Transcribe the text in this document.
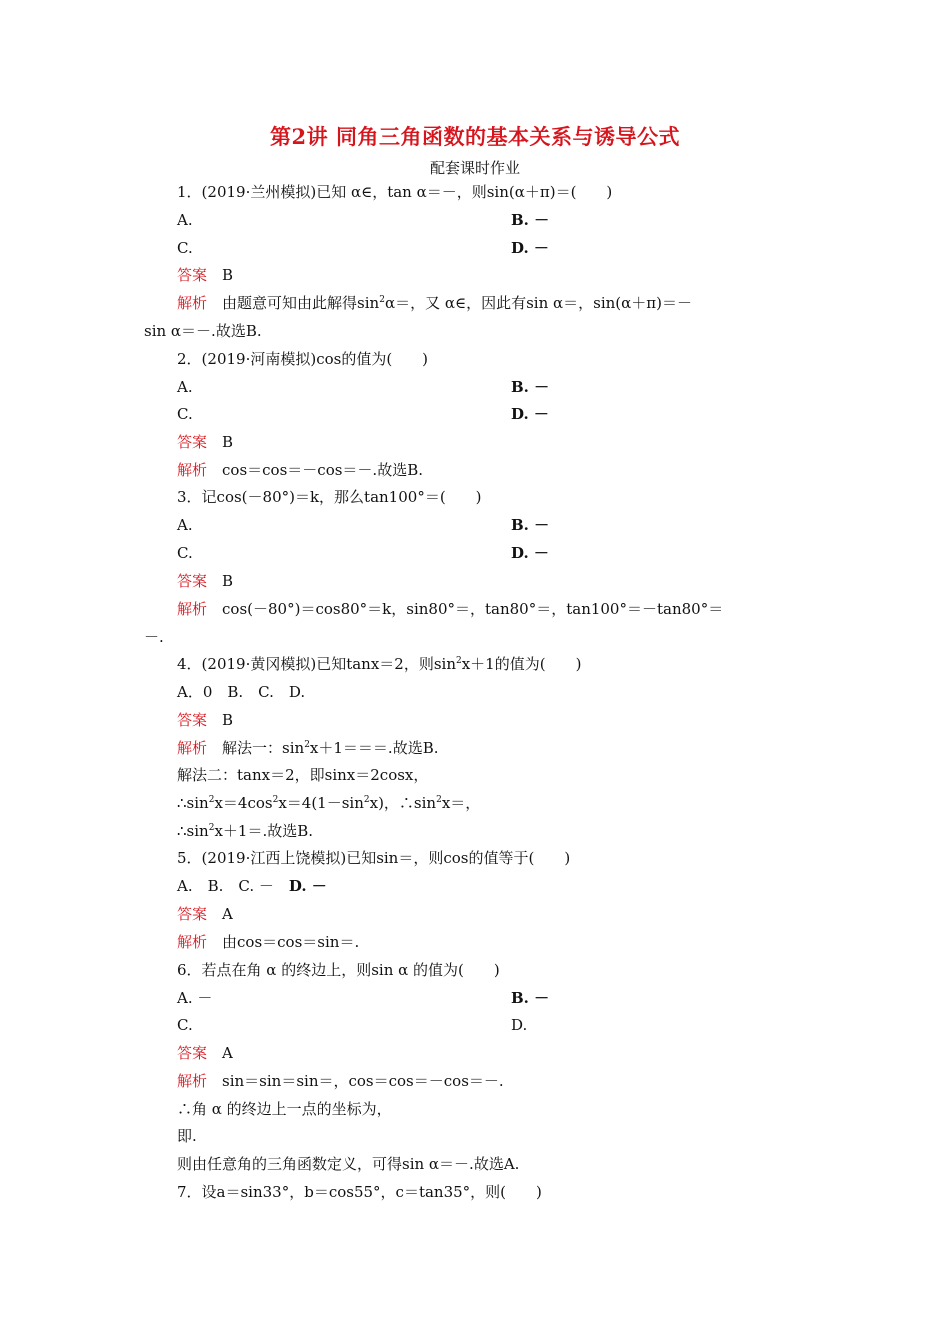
第2讲 同角三角函数的基本关系与诱导公式
配套课时作业
1．(2019·兰州模拟)已知 α∈，tan α＝－，则sin(α＋π)＝(　　)
A.	B. －
C.	D. －
答案　 B
解析　 由题意可知由此解得$\sin^2\alpha=$，又 α∈，因此有sin α＝，sin(α＋π)＝－
sin α＝－.故选B.
2．(2019·河南模拟)cos的值为(　　)
A.	B. －
C.	D. －
答案　 B
解析　 cos＝cos＝－cos＝－.故选B.
3．记cos(－80°)＝k，那么tan100°＝(　　)
A.	B. －
C.	D. －
答案　 B
解析　 cos(－80°)＝cos80°＝k，sin80°＝，tan80°＝，tan100°＝－tan80°＝
－.
4．(2019·黄冈模拟)已知tanx＝2，则$\sin^2x+1$的值为(　　)
A．0　B.　C.　D.
答案　 B
解析　 解法一：$\sin^2x+1===$.故选B.
解法二：tanx＝2，即sinx＝2cosx，
$\therefore\sin^2x=4\cos^2x=4(1-\sin^2x)$，$\therefore\sin^2x=$，
$\therefore\sin^2x+1=$.故选B.
5．(2019·江西上饶模拟)已知sin＝，则cos的值等于(　　)
A.　B.　C. －　 D. －
答案　 A
解析　 由cos＝cos＝sin＝.
6．若点在角 α 的终边上，则sin α 的值为(　　)
A. －	B. －
C.	D.
答案　 A
解析　 sin＝sin＝sin＝，cos＝cos＝－cos＝－.
∴角 α 的终边上一点的坐标为，
即.
则由任意角的三角函数定义，可得sin α＝－.故选A.
7．设a＝sin33°，b＝cos55°，c＝tan35°，则(　　)
